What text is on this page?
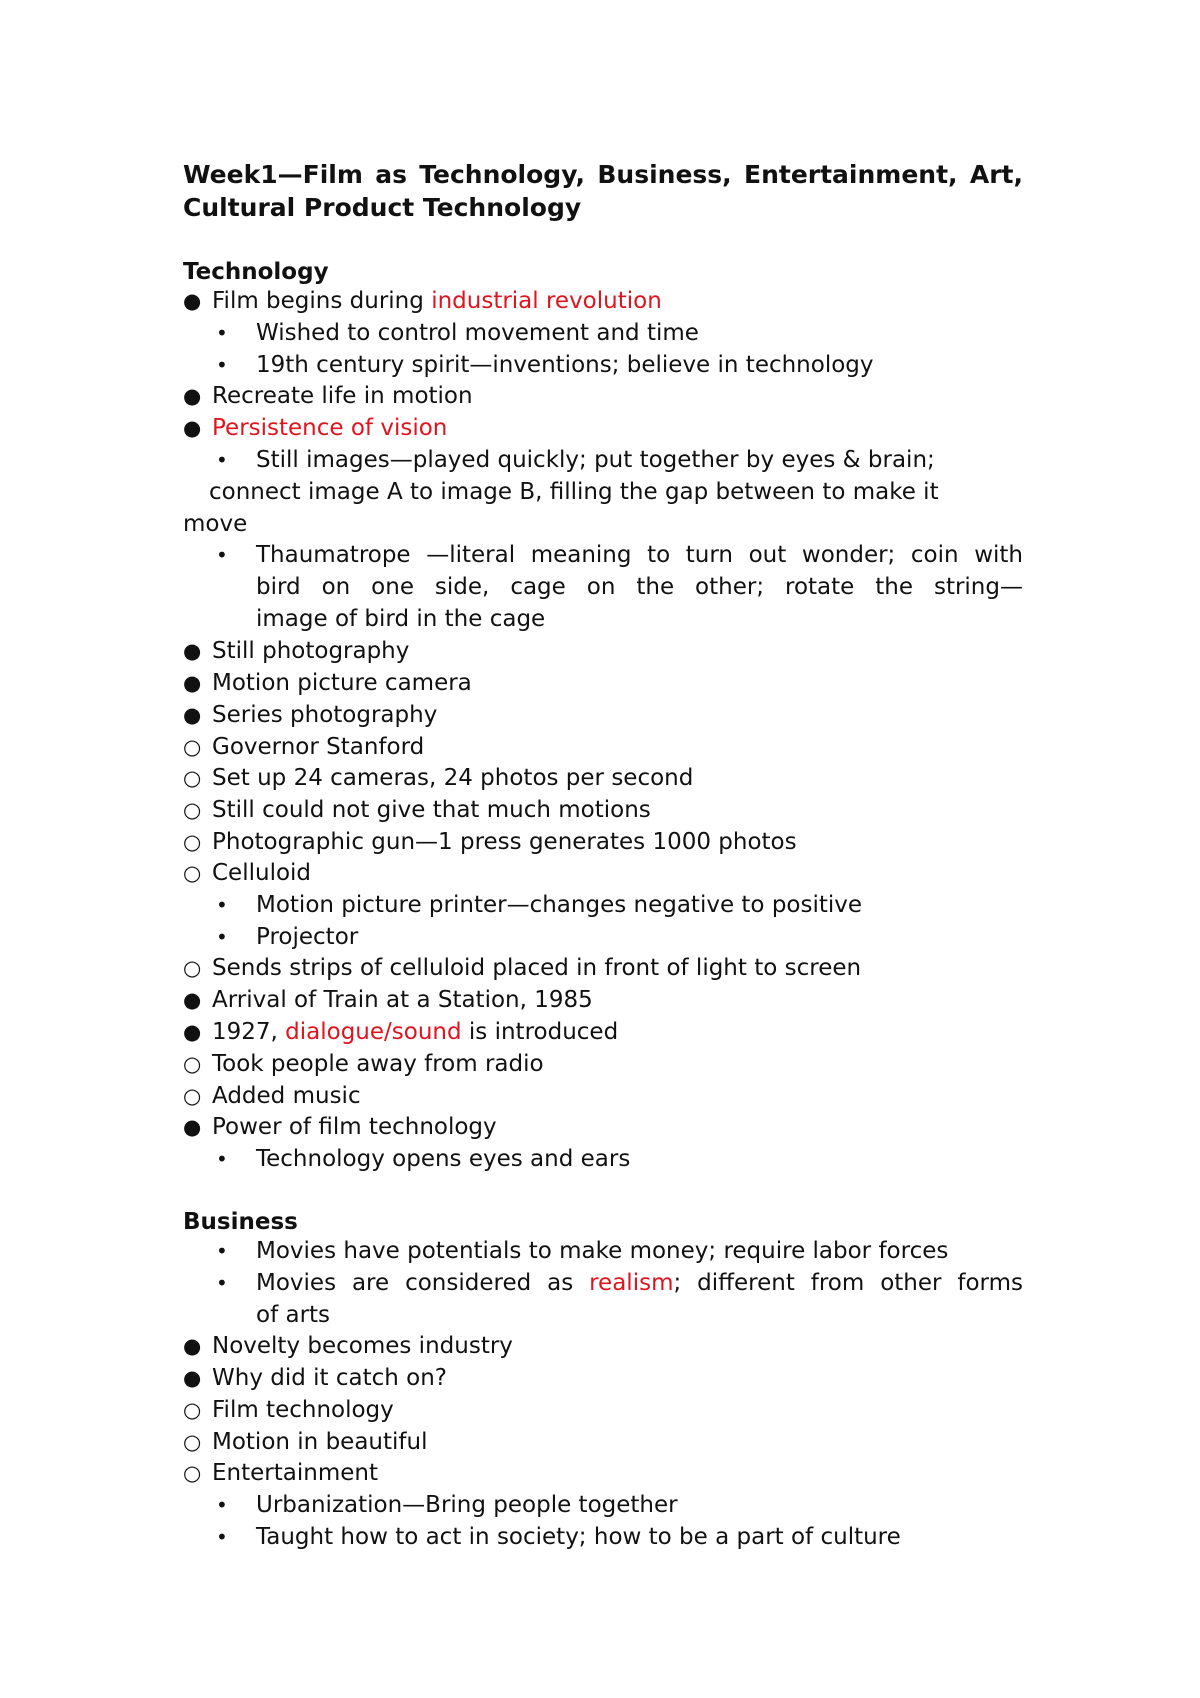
Week1—Film as Technology, Business, Entertainment, Art, Cultural Product Technology
Technology

● Film begins during industrial revolution

• Wished to control movement and time

• 19th century spirit—inventions; believe in technology

● Recreate life in motion

● Persistence of vision

• Still images—played quickly; put together by eyes & brain;

connect image A to image B, filling the gap between to make it

move

• Thaumatrope —literal meaning to turn out wonder; coin with

bird on one side, cage on the other; rotate the string—

image of bird in the cage

● Still photography

● Motion picture camera

● Series photography

○ Governor Stanford

○ Set up 24 cameras, 24 photos per second

○ Still could not give that much motions

○ Photographic gun—1 press generates 1000 photos

○ Celluloid

• Motion picture printer—changes negative to positive

• Projector

○ Sends strips of celluloid placed in front of light to screen

● Arrival of Train at a Station, 1985

● 1927, dialogue/sound is introduced

○ Took people away from radio

○ Added music

● Power of film technology

• Technology opens eyes and ears

Business

• Movies have potentials to make money; require labor forces

• Movies are considered as realism; different from other forms

of arts

● Novelty becomes industry

● Why did it catch on?

○ Film technology

○ Motion in beautiful

○ Entertainment

• Urbanization—Bring people together

• Taught how to act in society; how to be a part of culture
